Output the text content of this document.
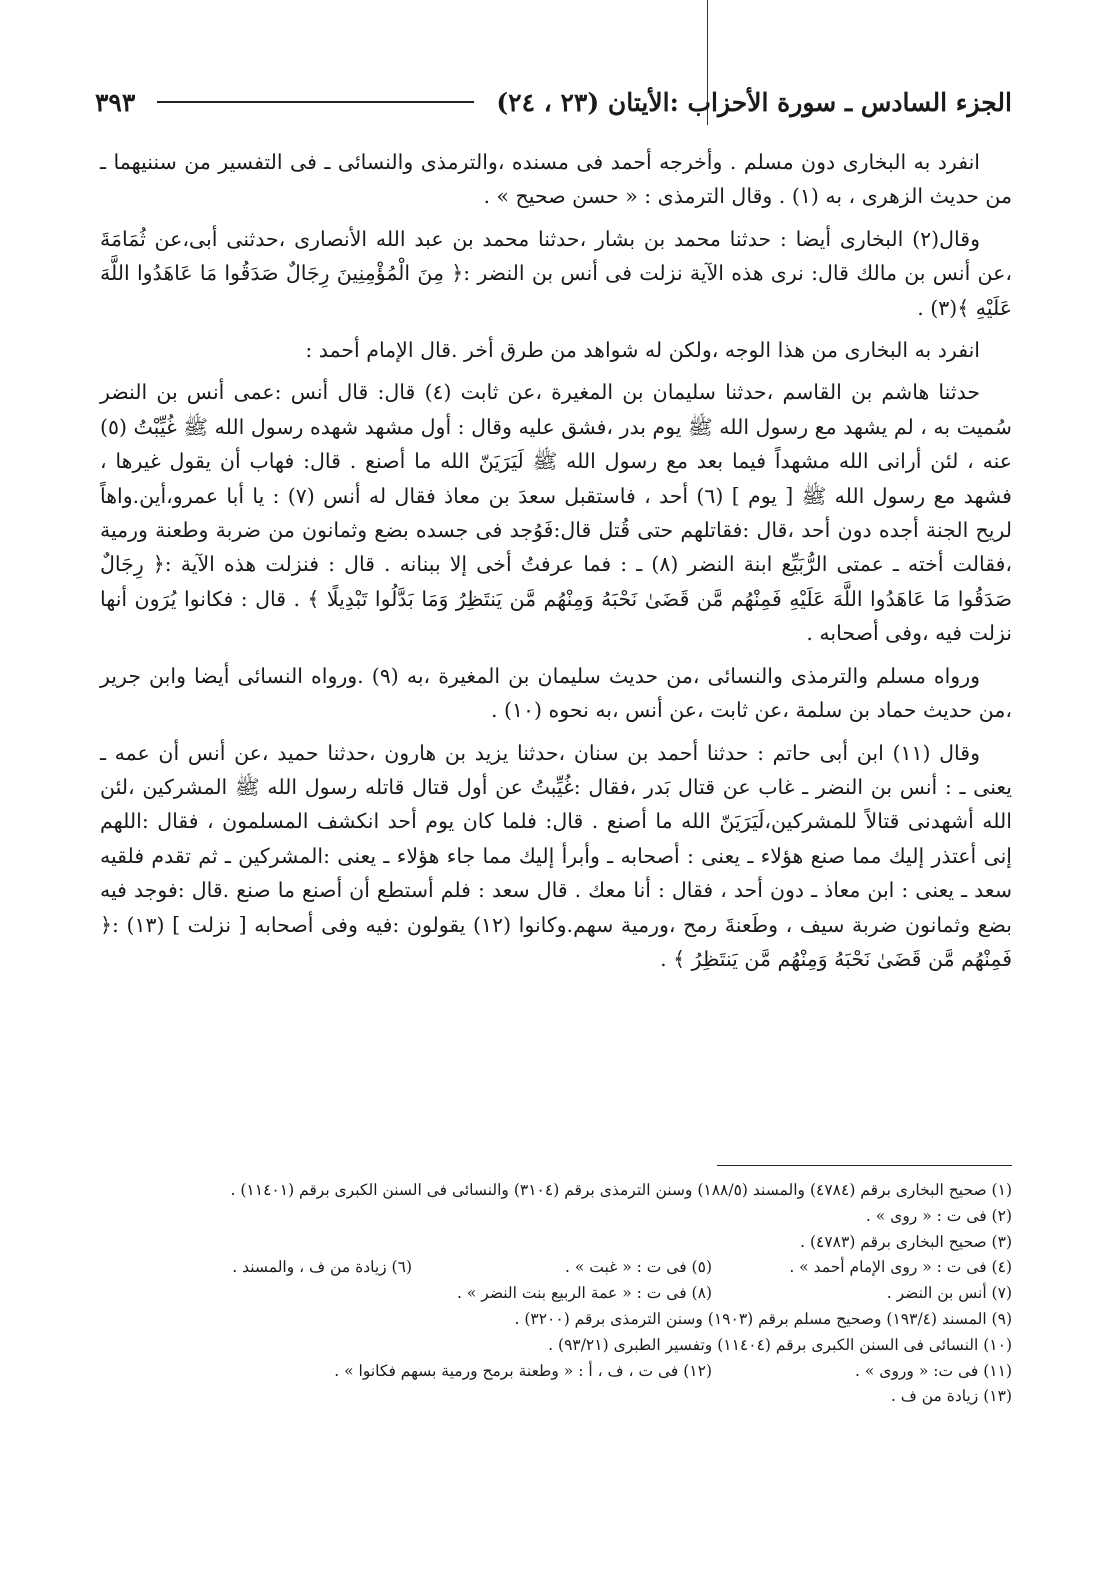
الجزء السادس ـ سورة الأحزاب :الأيتان (٢٣ ، ٢٤)
٣٩٣

انفرد به البخارى دون مسلم . وأخرجه أحمد فى مسنده ،والترمذى والنسائى ـ فى التفسير من سننيهما ـ من حديث الزهرى ، به (١) . وقال الترمذى : « حسن صحيح » .

وقال(٢) البخارى أيضا : حدثنا محمد بن بشار ،حدثنا محمد بن عبد الله الأنصارى ،حدثنى أبى،عن ثُمَامَةَ ،عن أنس بن مالك قال: نرى هذه الآية نزلت فى أنس بن النضر :﴿ مِنَ الْمُؤْمِنِينَ رِجَالٌ صَدَقُوا مَا عَاهَدُوا اللَّهَ عَلَيْهِ ﴾(٣) .

انفرد به البخارى من هذا الوجه ،ولكن له شواهد من طرق أخر .قال الإمام أحمد :

حدثنا هاشم بن القاسم ،حدثنا سليمان بن المغيرة ،عن ثابت (٤) قال: قال أنس :عمى أنس بن النضر سُميت به ، لم يشهد مع رسول الله ﷺ يوم بدر ،فشق عليه وقال : أول مشهد شهده رسول الله ﷺ غُيِّبْتُ (٥) عنه ، لئن أرانى الله مشهداً فيما بعد مع رسول الله ﷺ لَيَرَيَنّ الله ما أصنع . قال: فهاب أن يقول غيرها ، فشهد مع رسول الله ﷺ [ يوم ] (٦) أحد ، فاستقبل سعدَ بن معاذ فقال له أنس (٧) : يا أبا عمرو،أين.واهاً لريح الجنة أجده دون أحد ،قال :فقاتلهم حتى قُتل قال:فَوُجد فى جسده بضع وثمانون من ضربة وطعنة ورمية ،فقالت أخته ـ عمتى الرُّبَيِّع ابنة النضر (٨) ـ : فما عرفتُ أخى إلا ببنانه . قال : فنزلت هذه الآية :﴿ رِجَالٌ صَدَقُوا مَا عَاهَدُوا اللَّهَ عَلَيْهِ فَمِنْهُم مَّن قَضَىٰ نَحْبَهُ وَمِنْهُم مَّن يَنتَظِرُ وَمَا بَدَّلُوا تَبْدِيلًا ﴾ . قال : فكانوا يُرَون أنها نزلت فيه ،وفى أصحابه .

ورواه مسلم والترمذى والنسائى ،من حديث سليمان بن المغيرة ،به (٩) .ورواه النسائى أيضا وابن جرير ،من حديث حماد بن سلمة ،عن ثابت ،عن أنس ،به نحوه (١٠) .

وقال (١١) ابن أبى حاتم : حدثنا أحمد بن سنان ،حدثنا يزيد بن هارون ،حدثنا حميد ،عن أنس أن عمه ـ يعنى ـ : أنس بن النضر ـ غاب عن قتال بَدر ،فقال :غُيِّبتُ عن أول قتال قاتله رسول الله ﷺ المشركين ،لئن الله أشهدنى قتالاً للمشركين،لَيَرَيَنّ الله ما أصنع . قال: فلما كان يوم أحد انكشف المسلمون ، فقال :اللهم إنى أعتذر إليك مما صنع هؤلاء ـ يعنى : أصحابه ـ وأبرأ إليك مما جاء هؤلاء ـ يعنى :المشركين ـ ثم تقدم فلقيه سعد ـ يعنى : ابن معاذ ـ دون أحد ، فقال : أنا معك . قال سعد : فلم أستطع أن أصنع ما صنع .قال :فوجد فيه بضع وثمانون ضربة سيف ، وطَعنةَ رمح ،ورمية سهم.وكانوا (١٢) يقولون :فيه وفى أصحابه [ نزلت ] (١٣) :﴿ فَمِنْهُم مَّن قَضَىٰ نَحْبَهُ وَمِنْهُم مَّن يَنتَظِرُ ﴾ .

(١) صحيح البخارى برقم (٤٧٨٤) والمسند (١٨٨/٥) وسنن الترمذى برقم (٣١٠٤) والنسائى فى السنن الكبرى برقم (١١٤٠١) .
(٢) فى ت : « روى » .
(٣) صحيح البخارى برقم (٤٧٨٣) .
(٤) فى ت : « روى الإمام أحمد » .
(٥) فى ت : « غبت » .
(٦) زيادة من ف ، والمسند .
(٧) أنس بن النضر .
(٨) فى ت : « عمة الربيع بنت النضر » .
(٩) المسند (١٩٣/٤) وصحيح مسلم برقم (١٩٠٣) وسنن الترمذى برقم (٣٢٠٠) .
(١٠) النسائى فى السنن الكبرى برقم (١١٤٠٤) وتفسير الطبرى (٩٣/٢١) .
(١١) فى ت: « وروى » .
(١٢) فى ت ، ف ، أ : « وطعنة برمح ورمية بسهم فكانوا » .
(١٣) زيادة من ف .
